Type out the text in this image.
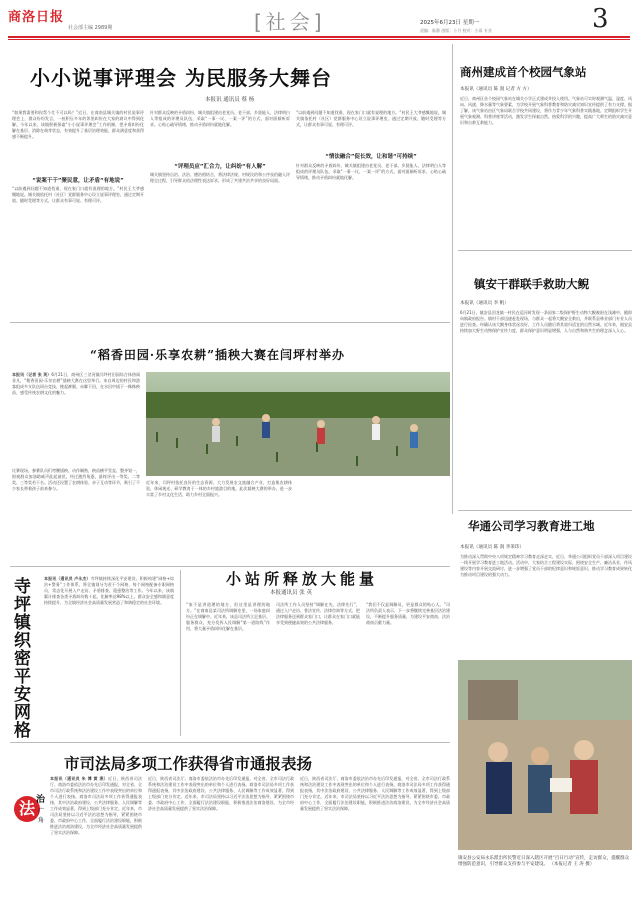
商洛日报
社会部主编 2989期	[社会]	2025年6月23日 星期一
责编：陈静 创版：卜月 校对：小雨 专业	3
小小说事评理会 为民服务大舞台
本报讯 通讯员 蔡 杨
“如果我需要和你帮个忙不可以吗？”近日，在商南县城关镇的村民说事评理会上，群众纷纷发言，一桩积压多年的邻里纠纷在大家的商议中得到化解。今年以来，该镇积极探索“小小说事评理会”工作机制，把矛盾纠纷化解在基层、消除在萌芽状态，有效提升了基层治理效能，群众满意度和获得感不断提升。
“说案干干”聚民意，让矛盾“有地说”
“以前遇到问题不知道找谁，现在家门口就有说理的地方。”村民王大爷感慨地说。城关镇依托村（社区）党群服务中心设立说事评理室，通过定期开放、随时受理等方式，让群众有事可说、有理可评。
针对群众反映的矛盾纠纷，城关镇组建由老党员、老干部、乡贤能人、法律明白人等组成的评理员队伍，采取“一事一议、一案一评”的方式，面对面倾听诉求、心贴心疏导情绪，推动矛盾纠纷就地化解。
“评理员应”汇合力，让纠纷“有人解”
城关镇坚持自治、法治、德治相结合，将法律法规、村规民约和公序良俗融入评理全过程，引导群众依法理性表达诉求，形成了共建共治共享的良好局面。
“以前遇到问题不知道找谁，现在家门口就有说理的地方。”村民王大爷感慨地说。城关镇依托村（社区）党群服务中心设立说事评理室，通过定期开放、随时受理等方式，让群众有事可说、有理可评。
“情法融合”促长效，让和谐“可持续”
针对群众反映的矛盾纠纷，城关镇组建由老党员、老干部、乡贤能人、法律明白人等组成的评理员队伍，采取“一事一议、一案一评”的方式，面对面倾听诉求、心贴心疏导情绪，推动矛盾纠纷就地化解。
商州建成首个校园气象站
本报讯（通讯员 陈 润 记者 方 方）
近日，商州区首个校园气象站在城关小学正式建成并投入使用。气象站可实时观测气温、湿度、风向、风速、降水量等气象要素，为学校开展气象科普教育和防灾减灾知识宣传提供了有力支撑。据了解，该气象站由区气象局联合学校共同建设，将作为青少年气象科普实践基地，定期组织学生开展气象观测、科普讲座等活动，激发学生探索自然、热爱科学的兴趣，提高广大师生的防灾减灾意识和自救互救能力。
镇安干群联手救助大鲵
本报讯（通讯员 李 帆）
6月21日，镇安县回龙镇一村民在巡河时发现一条国家二级保护野生动物大鲵被困在浅滩中，随即向镇政府报告。镇村干部迅速赶赴现场，与群众一起将大鲵安全救出，并联系县林业部门专业人员进行检查。经确认该大鲵身体状况良好，工作人员随后将其放归适宜的自然水域。近年来，镇安县持续加大野生动物保护宣传力度，群众保护意识明显增强，人与自然和谐共生的理念深入人心。
华通公司学习教育进工地
本报讯（通讯员 陈 润 李莱玮）
为推动深入贯彻中央八项规定精神学习教育走深走实，近日，华通公司组织党员干部深入项目建设一线开展学习教育进工地活动。活动中，大家结合工程建设实际，围绕安全生产、廉洁从业、作风建设等内容开展交流研讨，进一步增强了党员干部的纪律意识和规矩意识，推动学习教育成果转化为推动项目建设的强大动力。
“稻香田园·乐享农耕”插秧大赛在闫坪村举办
本报讯（记者 张 英）6月21日，商州区三岔河镇闫坪村田园综合体热闹非凡，“稻香田园·乐享农耕”插秧大赛在这里举行。来自周边的村民和游客组成多支队伍同台竞技，挽起裤腿、赤脚下田，在水田中插下一株株秧苗，感受传统农耕文化的魅力。
比赛现场，参赛队员们弯腰插秧、动作娴熟，秧苗横平竖直、整齐划一，围观群众加油助威声此起彼伏。经过激烈角逐，最终评出一等奖、二等奖、三等奖若干名。活动还设置了农耕体验、亲子互动等环节，吸引了不少家长带着孩子前来参与。
近年来，闫坪村依托良好的生态资源，大力发展农文旅融合产业，打造集农耕体验、休闲观光、研学教育于一体的乡村旅游目的地。此次插秧大赛的举办，进一步丰富了乡村文化生活，助力乡村全面振兴。
寺
坪
镇
织
密
平
安
网
格
本报讯（通讯员 卢永杰）寺坪镇持续深化平安建设，积极构建“网格+综治+警务”工作体系，将全镇划分为若干个网格，每个网格配备专职网格员，常态化开展入户走访、矛盾排查、隐患整治等工作。今年以来，该镇累计排查各类矛盾纠纷数十起，化解率达98%以上，群众安全感和满意度持续提升，为全镇经济社会高质量发展营造了和谐稳定的社会环境。
小站所释放大能量
本报通讯员 张 英
“家不是讲道理的地方，但这里是讲理的地方。”在商南县某司法所调解室里，一场家庭纠纷正在调解中。近年来，该县司法所立足基层、服务群众，充分发挥人民调解“第一道防线”作用，将大量矛盾纠纷化解在基层。
司法所工作人员坚持“调解在先、法律先行”，通过入户走访、普法宣传、法律咨询等方式，把法律服务送到群众家门口，让群众在家门口就能享受到便捷高效的公共法律服务。
“我们不仅是调解员，更是群众的贴心人。”司法所负责人表示，下一步将继续完善基层法治建设，不断提升服务质量，为建设平安商南、法治商南贡献力量。
市司法局多项工作获得省市通报表扬
法 治
广角
本报讯（通讯员 朱 博 黄 燕）近日，陕西省司法厅、商洛市委依法治市办先后印发通报，对全省、全市司法行政系统和法治建设工作中表现突出的单位和个人进行表扬。商洛市司法局多项工作获得通报表扬，其中法治政府建设、公共法律服务、人民调解等工作成效显著，得到上级部门充分肯定。近年来，市司法局坚持以习近平法治思想为指导，紧紧围绕市委、市政府中心工作，全面履行法治建设职能，积极推进法治商洛建设，为全市经济社会高质量发展提供了坚实法治保障。
近日，陕西省司法厅、商洛市委依法治市办先后印发通报，对全省、全市司法行政系统和法治建设工作中表现突出的单位和个人进行表扬。商洛市司法局多项工作获得通报表扬，其中法治政府建设、公共法律服务、人民调解等工作成效显著，得到上级部门充分肯定。近年来，市司法局坚持以习近平法治思想为指导，紧紧围绕市委、市政府中心工作，全面履行法治建设职能，积极推进法治商洛建设，为全市经济社会高质量发展提供了坚实法治保障。
近日，陕西省司法厅、商洛市委依法治市办先后印发通报，对全省、全市司法行政系统和法治建设工作中表现突出的单位和个人进行表扬。商洛市司法局多项工作获得通报表扬，其中法治政府建设、公共法律服务、人民调解等工作成效显著，得到上级部门充分肯定。近年来，市司法局坚持以习近平法治思想为指导，紧紧围绕市委、市政府中心工作，全面履行法治建设职能，积极推进法治商洛建设，为全市经济社会高质量发展提供了坚实法治保障。
镇安县公安局永乐派出所民警近日深入辖区开展“百日行动”宣传，走访群众，提醒群众增强防范意识，引导群众支持参与平安建设。 （本报记者 王 涛 摄）
